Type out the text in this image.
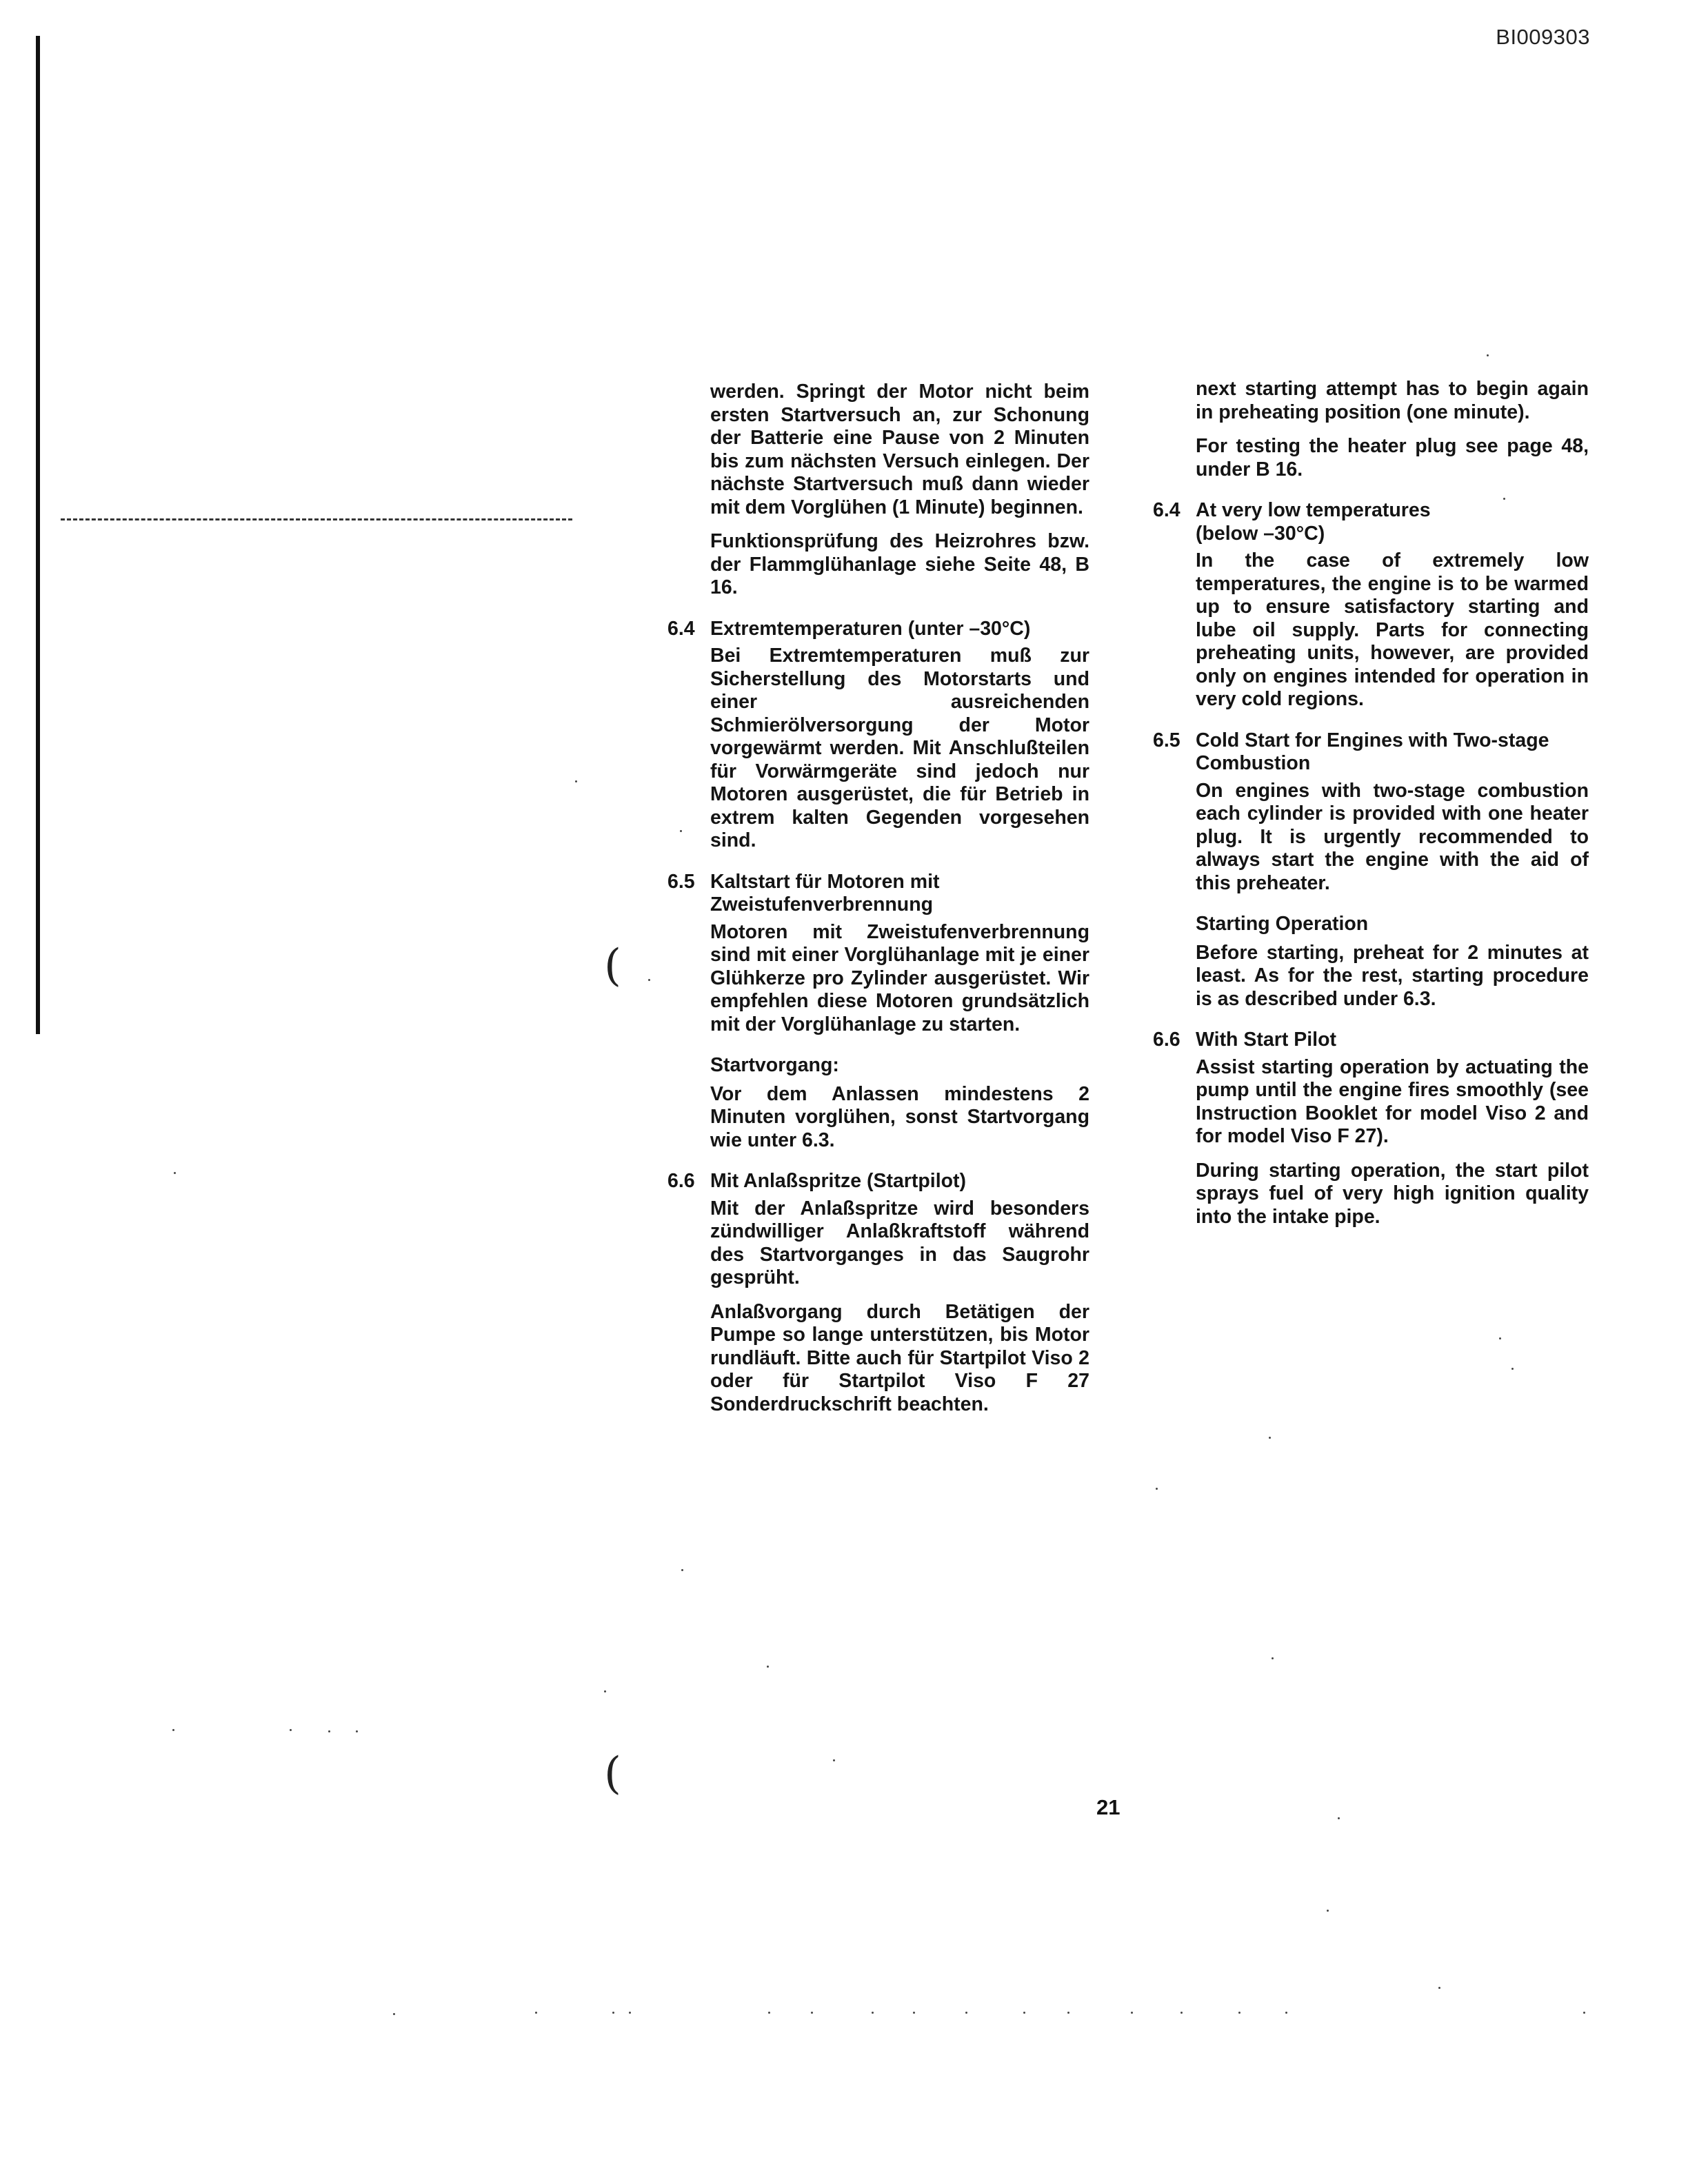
BI009303
(
(
werden. Springt der Motor nicht beim ersten Startversuch an, zur Schonung der Batterie eine Pause von 2 Minuten bis zum nächsten Versuch einlegen. Der nächste Startversuch muß dann wieder mit dem Vorglühen (1 Minute) beginnen.
Funktionsprüfung des Heizrohres bzw. der Flammglühanlage siehe Seite 48, B 16.
6.4 Extremtemperaturen (unter –30°C)
Bei Extremtemperaturen muß zur Sicherstellung des Motorstarts und einer ausreichenden Schmierölversorgung der Motor vorgewärmt werden. Mit Anschlußteilen für Vorwärmgeräte sind jedoch nur Motoren ausgerüstet, die für Betrieb in extrem kalten Gegenden vorgesehen sind.
6.5 Kaltstart für Motoren mit Zweistufenverbrennung
Motoren mit Zweistufenverbrennung sind mit einer Vorglühanlage mit je einer Glühkerze pro Zylinder ausgerüstet. Wir empfehlen diese Motoren grundsätzlich mit der Vorglühanlage zu starten.
Startvorgang:
Vor dem Anlassen mindestens 2 Minuten vorglühen, sonst Startvorgang wie unter 6.3.
6.6 Mit Anlaßspritze (Startpilot)
Mit der Anlaßspritze wird besonders zündwilliger Anlaßkraftstoff während des Startvorganges in das Saugrohr gesprüht.
Anlaßvorgang durch Betätigen der Pumpe so lange unterstützen, bis Motor rundläuft. Bitte auch für Startpilot Viso 2 oder für Startpilot Viso F 27 Sonderdruckschrift beachten.
next starting attempt has to begin again in preheating position (one minute).
For testing the heater plug see page 48, under B 16.
6.4 At very low temperatures
(below –30°C)
In the case of extremely low temperatures, the engine is to be warmed up to ensure satisfactory starting and lube oil supply. Parts for connecting preheating units, however, are provided only on engines intended for operation in very cold regions.
6.5 Cold Start for Engines with Two-stage Combustion
On engines with two-stage combustion each cylinder is provided with one heater plug. It is urgently recommended to always start the engine with the aid of this preheater.
Starting Operation
Before starting, preheat for 2 minutes at least. As for the rest, starting procedure is as described under 6.3.
6.6 With Start Pilot
Assist starting operation by actuating the pump until the engine fires smoothly (see Instruction Booklet for model Viso 2 and for model Viso F 27).
During starting operation, the start pilot sprays fuel of very high ignition quality into the intake pipe.
21
